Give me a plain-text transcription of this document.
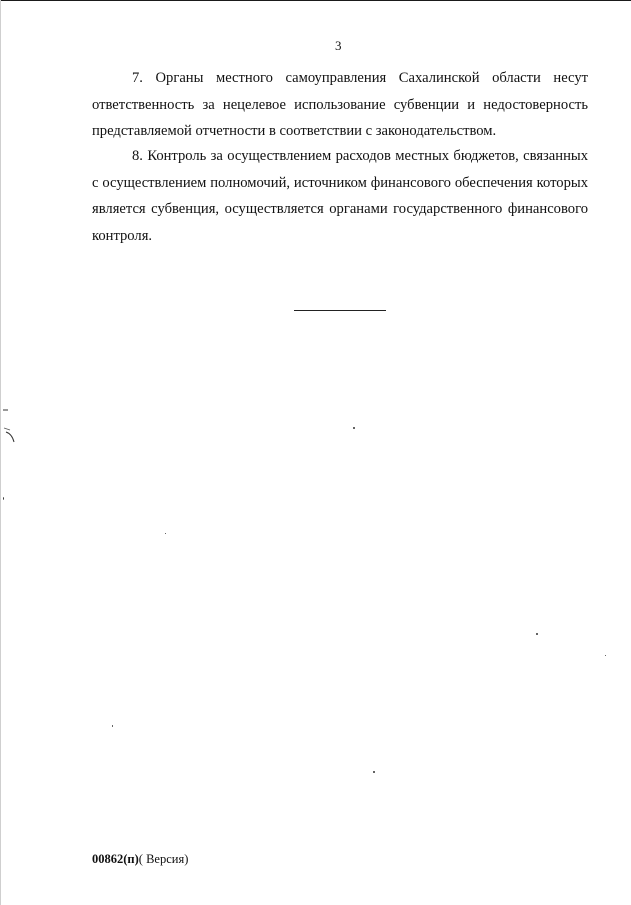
3

7. Органы местного самоуправления Сахалинской области несут ответственность за нецелевое использование субвенции и недостоверность представляемой отчетности в соответствии с законодательством.

8. Контроль за осуществлением расходов местных бюджетов, связанных с осуществлением полномочий, источником финансового обеспечения которых является субвенция, осуществляется органами государственного финансового контроля.

00862(п)( Версия)
